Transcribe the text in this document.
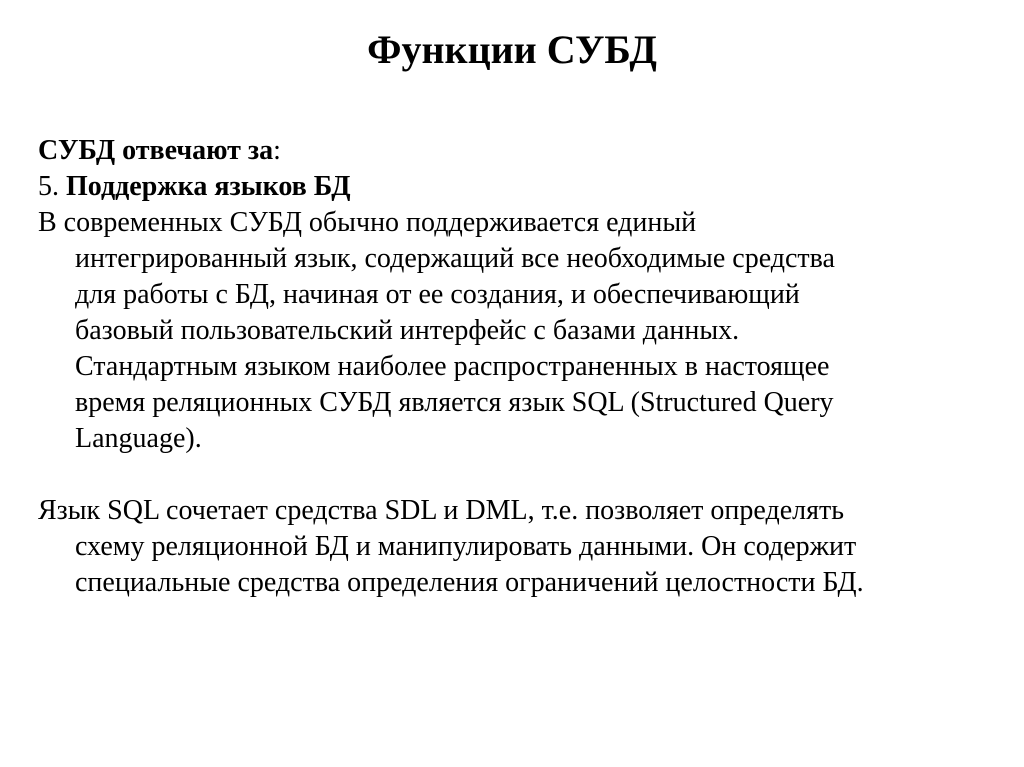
Функции СУБД
СУБД отвечают за:
5. Поддержка языков БД
В современных СУБД обычно поддерживается единый
интегрированный язык, содержащий все необходимые средства
для работы с БД, начиная от ее создания, и обеспечивающий
базовый пользовательский интерфейс с базами данных.
Стандартным языком наиболее распространенных в настоящее
время реляционных СУБД является язык SQL (Structured Query
Language).
Язык SQL сочетает средства SDL и DML, т.е. позволяет определять
схему реляционной БД и манипулировать данными. Он содержит
специальные средства определения ограничений целостности БД.
